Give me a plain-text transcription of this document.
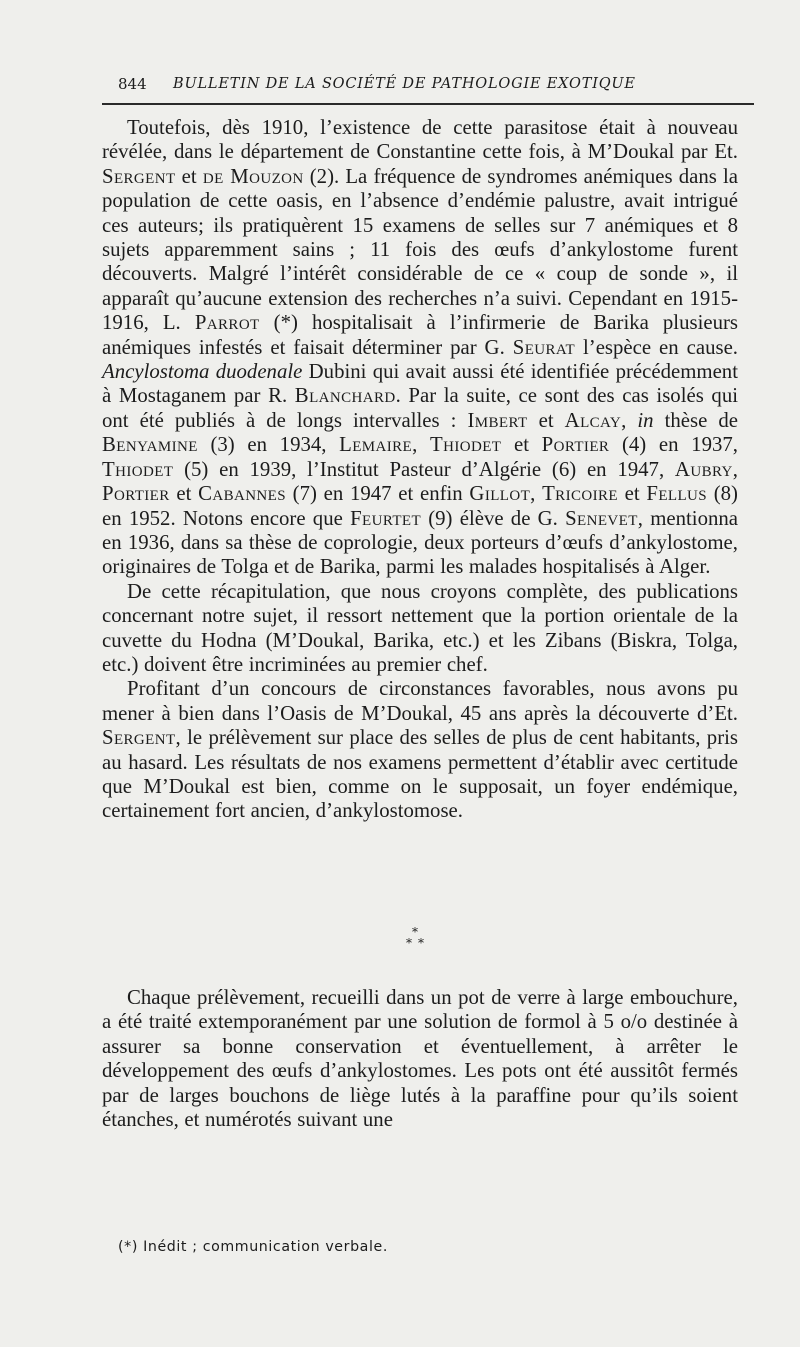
844 BULLETIN DE LA SOCIÉTÉ DE PATHOLOGIE EXOTIQUE

Toutefois, dès 1910, l’existence de cette parasitose était à nouveau révélée, dans le département de Constantine cette fois, à M’Doukal par Et. Sergent et de Mouzon (2). La fréquence de syndromes anémiques dans la population de cette oasis, en l’absence d’endémie palustre, avait intrigué ces auteurs; ils pratiquèrent 15 examens de selles sur 7 anémiques et 8 sujets apparemment sains ; 11 fois des œufs d’ankylostome furent découverts. Malgré l’intérêt considérable de ce « coup de sonde », il apparaît qu’aucune extension des recherches n’a suivi. Cependant en 1915-1916, L. Parrot (*) hospitalisait à l’infirmerie de Barika plusieurs anémiques infestés et faisait déterminer par G. Seurat l’espèce en cause. Ancylostoma duodenale Dubini qui avait aussi été identifiée précédemment à Mostaganem par R. Blanchard. Par la suite, ce sont des cas isolés qui ont été publiés à de longs intervalles : Imbert et Alcay, in thèse de Benyamine (3) en 1934, Lemaire, Thiodet et Portier (4) en 1937, Thiodet (5) en 1939, l’Institut Pasteur d’Algérie (6) en 1947, Aubry, Portier et Cabannes (7) en 1947 et enfin Gillot, Tricoire et Fellus (8) en 1952. Notons encore que Feurtet (9) élève de G. Senevet, mentionna en 1936, dans sa thèse de coprologie, deux porteurs d’œufs d’ankylostome, originaires de Tolga et de Barika, parmi les malades hospitalisés à Alger.

De cette récapitulation, que nous croyons complète, des publications concernant notre sujet, il ressort nettement que la portion orientale de la cuvette du Hodna (M’Doukal, Barika, etc.) et les Zibans (Biskra, Tolga, etc.) doivent être incriminées au premier chef.

Profitant d’un concours de circonstances favorables, nous avons pu mener à bien dans l’Oasis de M’Doukal, 45 ans après la découverte d’Et. Sergent, le prélèvement sur place des selles de plus de cent habitants, pris au hasard. Les résultats de nos examens permettent d’établir avec certitude que M’Doukal est bien, comme on le supposait, un foyer endémique, certainement fort ancien, d’ankylostomose.

*
* *

Chaque prélèvement, recueilli dans un pot de verre à large embouchure, a été traité extemporanément par une solution de formol à 5 o/o destinée à assurer sa bonne conservation et éventuellement, à arrêter le développement des œufs d’ankylostomes. Les pots ont été aussitôt fermés par de larges bouchons de liège lutés à la paraffine pour qu’ils soient étanches, et numérotés suivant une

(*) Inédit ; communication verbale.
